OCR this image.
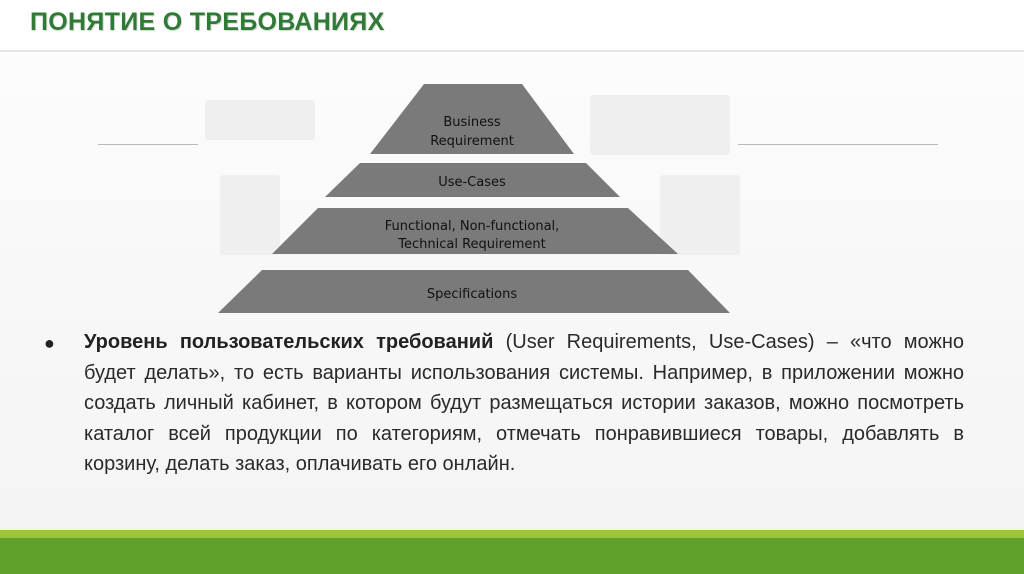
ПОНЯТИЕ О ТРЕБОВАНИЯХ
Business
Requirement
Use-Cases
Functional, Non-functional,
Technical Requirement
Specifications
● Уровень пользовательских требований (User Requirements, Use-Cases) – «что можно будет делать», то есть варианты использования системы. Например, в приложении можно создать личный кабинет, в котором будут размещаться истории заказов, можно посмотреть каталог всей продукции по категориям, отмечать понравившиеся товары, добавлять в корзину, делать заказ, оплачивать его онлайн.
